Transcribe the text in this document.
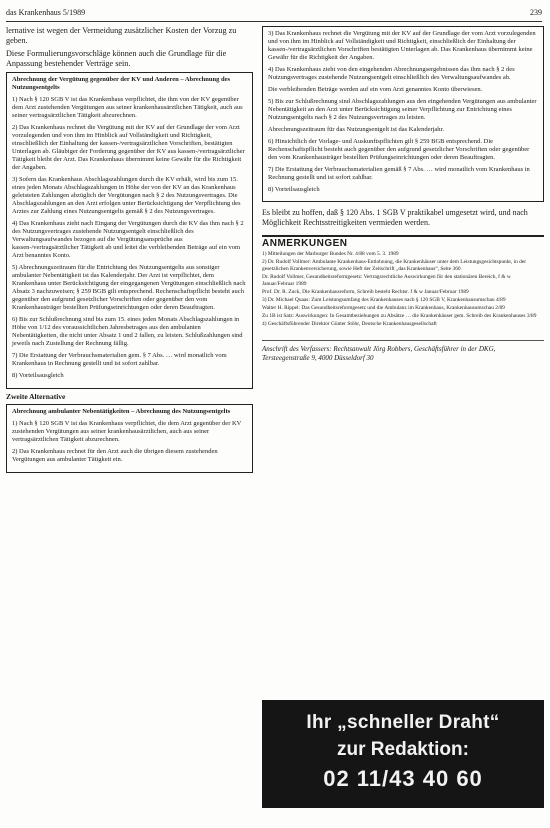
das Krankenhaus 5/1989	239

lernative ist wegen der Vermeidung zusätzlicher Kosten der Vorzug zu geben.

Diese Formulierungsvorschläge können auch die Grundlage für die Anpassung bestehender Verträge sein.

Abrechnung der Vergütung gegenüber der KV und Anderen – Abrechnung des Nutzungsentgelts

1) Nach § 120 SGB V ist das Krankenhaus verpflichtet, die ihm von der KV gegenüber dem Arzt zustehenden Vergütungen aus seiner krankenhausärztlichen Tätigkeit, auch aus seiner vertragsärztlichen Tätigkeit abzurechnen.

2) Das Krankenhaus rechnet die Vergütung mit der KV auf der Grundlage der vom Arzt vorzulegenden und von ihm im Hinblick auf Vollständigkeit und Richtigkeit, einschließlich der Einhaltung der kassen-/vertragsärztlichen Vorschriften, bestätigten Unterlagen ab. Gläubiger der Forderung gegenüber der KV aus kassen-/vertragsärztlicher Tätigkeit bleibt der Arzt. Das Krankenhaus übernimmt keine Gewähr für die Richtigkeit der Angaben.

3) Sofern das Krankenhaus Abschlagszahlungen durch die KV erhält, wird bis zum 15. eines jeden Monats Abschlagszahlungen in Höhe der von der KV an das Krankenhaus geleisteten Zahlungen abzüglich der Vergütungen nach § 2 des Nutzungsvertrages. Die Abschlagszahlungen an den Arzt erfolgen unter Berücksichtigung der Verpflichtung des Arztes zur Zahlung eines Nutzungsentgelts gemäß § 2 des Nutzungsvertrages.

4) Das Krankenhaus zieht nach Eingang der Vergütungen durch die KV das ihm nach § 2 des Nutzungsvertrages zustehende Nutzungsentgelt einschließlich des Verwaltungsaufwandes bezogen auf die Vergütungsansprüche aus kassen-/vertragsärztlicher Tätigkeit ab und leitet die verbleibenden Beträge auf ein vom Arzt benanntes Konto.

5) Abrechnungszeitraum für die Entrichtung des Nutzungsentgelts aus sonstiger ambulanter Nebentätigkeit ist das Kalenderjahr. Der Arzt ist verpflichtet, dem Krankenhaus unter Berücksichtigung der eingegangenen Vergütungen einschließlich nach Absatz 3 nachzuweisen; § 259 BGB gilt entsprechend. Rechenschaftspflicht besteht auch gegenüber den aufgrund gesetzlicher Vorschriften oder gegenüber den vom Krankenhausträger bestellten Prüfungseinrichtungen oder deren Beauftragten.

6) Bis zur Schlußrechnung sind bis zum 15. eines jeden Monats Abschlagszahlungen in Höhe von 1/12 des voraussichtlichen Jahresbetrages aus den ambulanten Nebentätigkeiten, die nicht unter Absatz 1 und 2 fallen, zu leisten. Schlußzahlungen sind jeweils nach Zustellung der Rechnung fällig.

7) Die Erstattung der Verbrauchsmaterialien gem. § 7 Abs. … wird monatlich vom Krankenhaus in Rechnung gestellt und ist sofort zahlbar.

8) Vorteilsausgleich

Zweite Alternative
Abrechnung ambulanter Nebentätigkeiten – Abrechnung des Nutzungsentgelts

1) Nach § 120 SGB V ist das Krankenhaus verpflichtet, die dem Arzt gegenüber der KV zustehenden Vergütungen aus seiner krankenhausärztlichen, auch aus seiner vertragsärztlichen Tätigkeit abzurechnen.

2) Das Krankenhaus rechnet für den Arzt auch die übrigen diesem zustehenden Vergütungen aus ambulanter Tätigkeit ein.

3) Das Krankenhaus rechnet die Vergütung mit der KV auf der Grundlage der vom Arzt vorzulegenden und von ihm im Hinblick auf Vollständigkeit und Richtigkeit, einschließlich der Einhaltung der kassen-/vertragsärztlichen Vorschriften bestätigten Unterlagen ab. Das Krankenhaus übernimmt keine Gewähr für die Richtigkeit der Angaben.

4) Das Krankenhaus zieht von den eingehenden Abrechnungsergebnissen das ihm nach § 2 des Nutzungsvertrages zustehende Nutzungsentgelt einschließlich des Verwaltungsaufwandes ab.

Die verbleibenden Beträge werden auf ein vom Arzt genanntes Konto überwiesen.

5) Bis zur Schlußrechnung sind Abschlagszahlungen aus den eingehenden Vergütungen aus ambulanter Nebentätigkeit an den Arzt unter Berücksichtigung seiner Verpflichtung zur Entrichtung eines Nutzungsentgelts nach § 2 des Nutzungsvertrages zu leisten.

Abrechnungszeitraum für das Nutzungsentgelt ist das Kalenderjahr.

6) Hinsichtlich der Vorlage- und Auskunftspflichten gilt § 259 BGB entsprechend. Die Rechenschaftspflicht besteht auch gegenüber den aufgrund gesetzlicher Vorschriften oder gegenüber den vom Krankenhausträger bestellten Prüfungseinrichtungen oder deren Beauftragten.

7) Die Erstattung der Verbrauchsmaterialien gemäß § 7 Abs. … wird monatlich vom Krankenhaus in Rechnung gestellt und ist sofort zahlbar.

8) Vorteilsausgleich

Es bleibt zu hoffen, daß § 120 Abs. 1 SGB V praktikabel umgesetzt wird, und nach Möglichkeit Rechtsstreitigkeiten vermieden werden.

ANMERKUNGEN
1) Mitteilungen der Marburger Bundes Nr. 4/88 vom 5. 3. 1989
2) Dr. Rudolf Vollmer: Ambulante Krankenhaus-Entlohnung, die Krankenhäuser unter dem Leistungsgesichtspunkt, in der gesetzlichen Krankenversicherung, sowie Heft der Zeitschrift „das Krankenhaus“, Seite 360
Dr. Rudolf Vollmer, Gesundheitsreformgesetz: Vertragsrechtliche Auswirkungen für den stationären Bereich, f & w Januar/Februar 1989
Prof. Dr. R. Zuck, Die Krankenhausreform, Schreib besteht Rechtsr. f & w Januar/Februar 1989
3) Dr. Michael Quaas: Zum Leistungsumfang des Krankenhauses nach § 120 SGB V, Krankenhausumschau 4/89
Walter H. Rippel: Das Gesundheitsreformgesetz und die Ambulanz im Krankenhaus, Krankenhausumschau 2/89
Zu 1B ist Satz: Auswirkungen: In Gesamtbeziehungen zu Absätze … die Krankenhäuser gem. Schreib des Krankenhauses 3/89
4) Geschäftsführender Direktor Günter Stöhr, Deutsche Krankenhausgesellschaft
Anschrift des Verfassers: Rechtsanwalt Jörg Robbers, Geschäftsführer in der DKG, Tersteegenstraße 9, 4000 Düsseldorf 30
Ihr „schneller Draht“
zur Redaktion:
02 11/43 40 60
